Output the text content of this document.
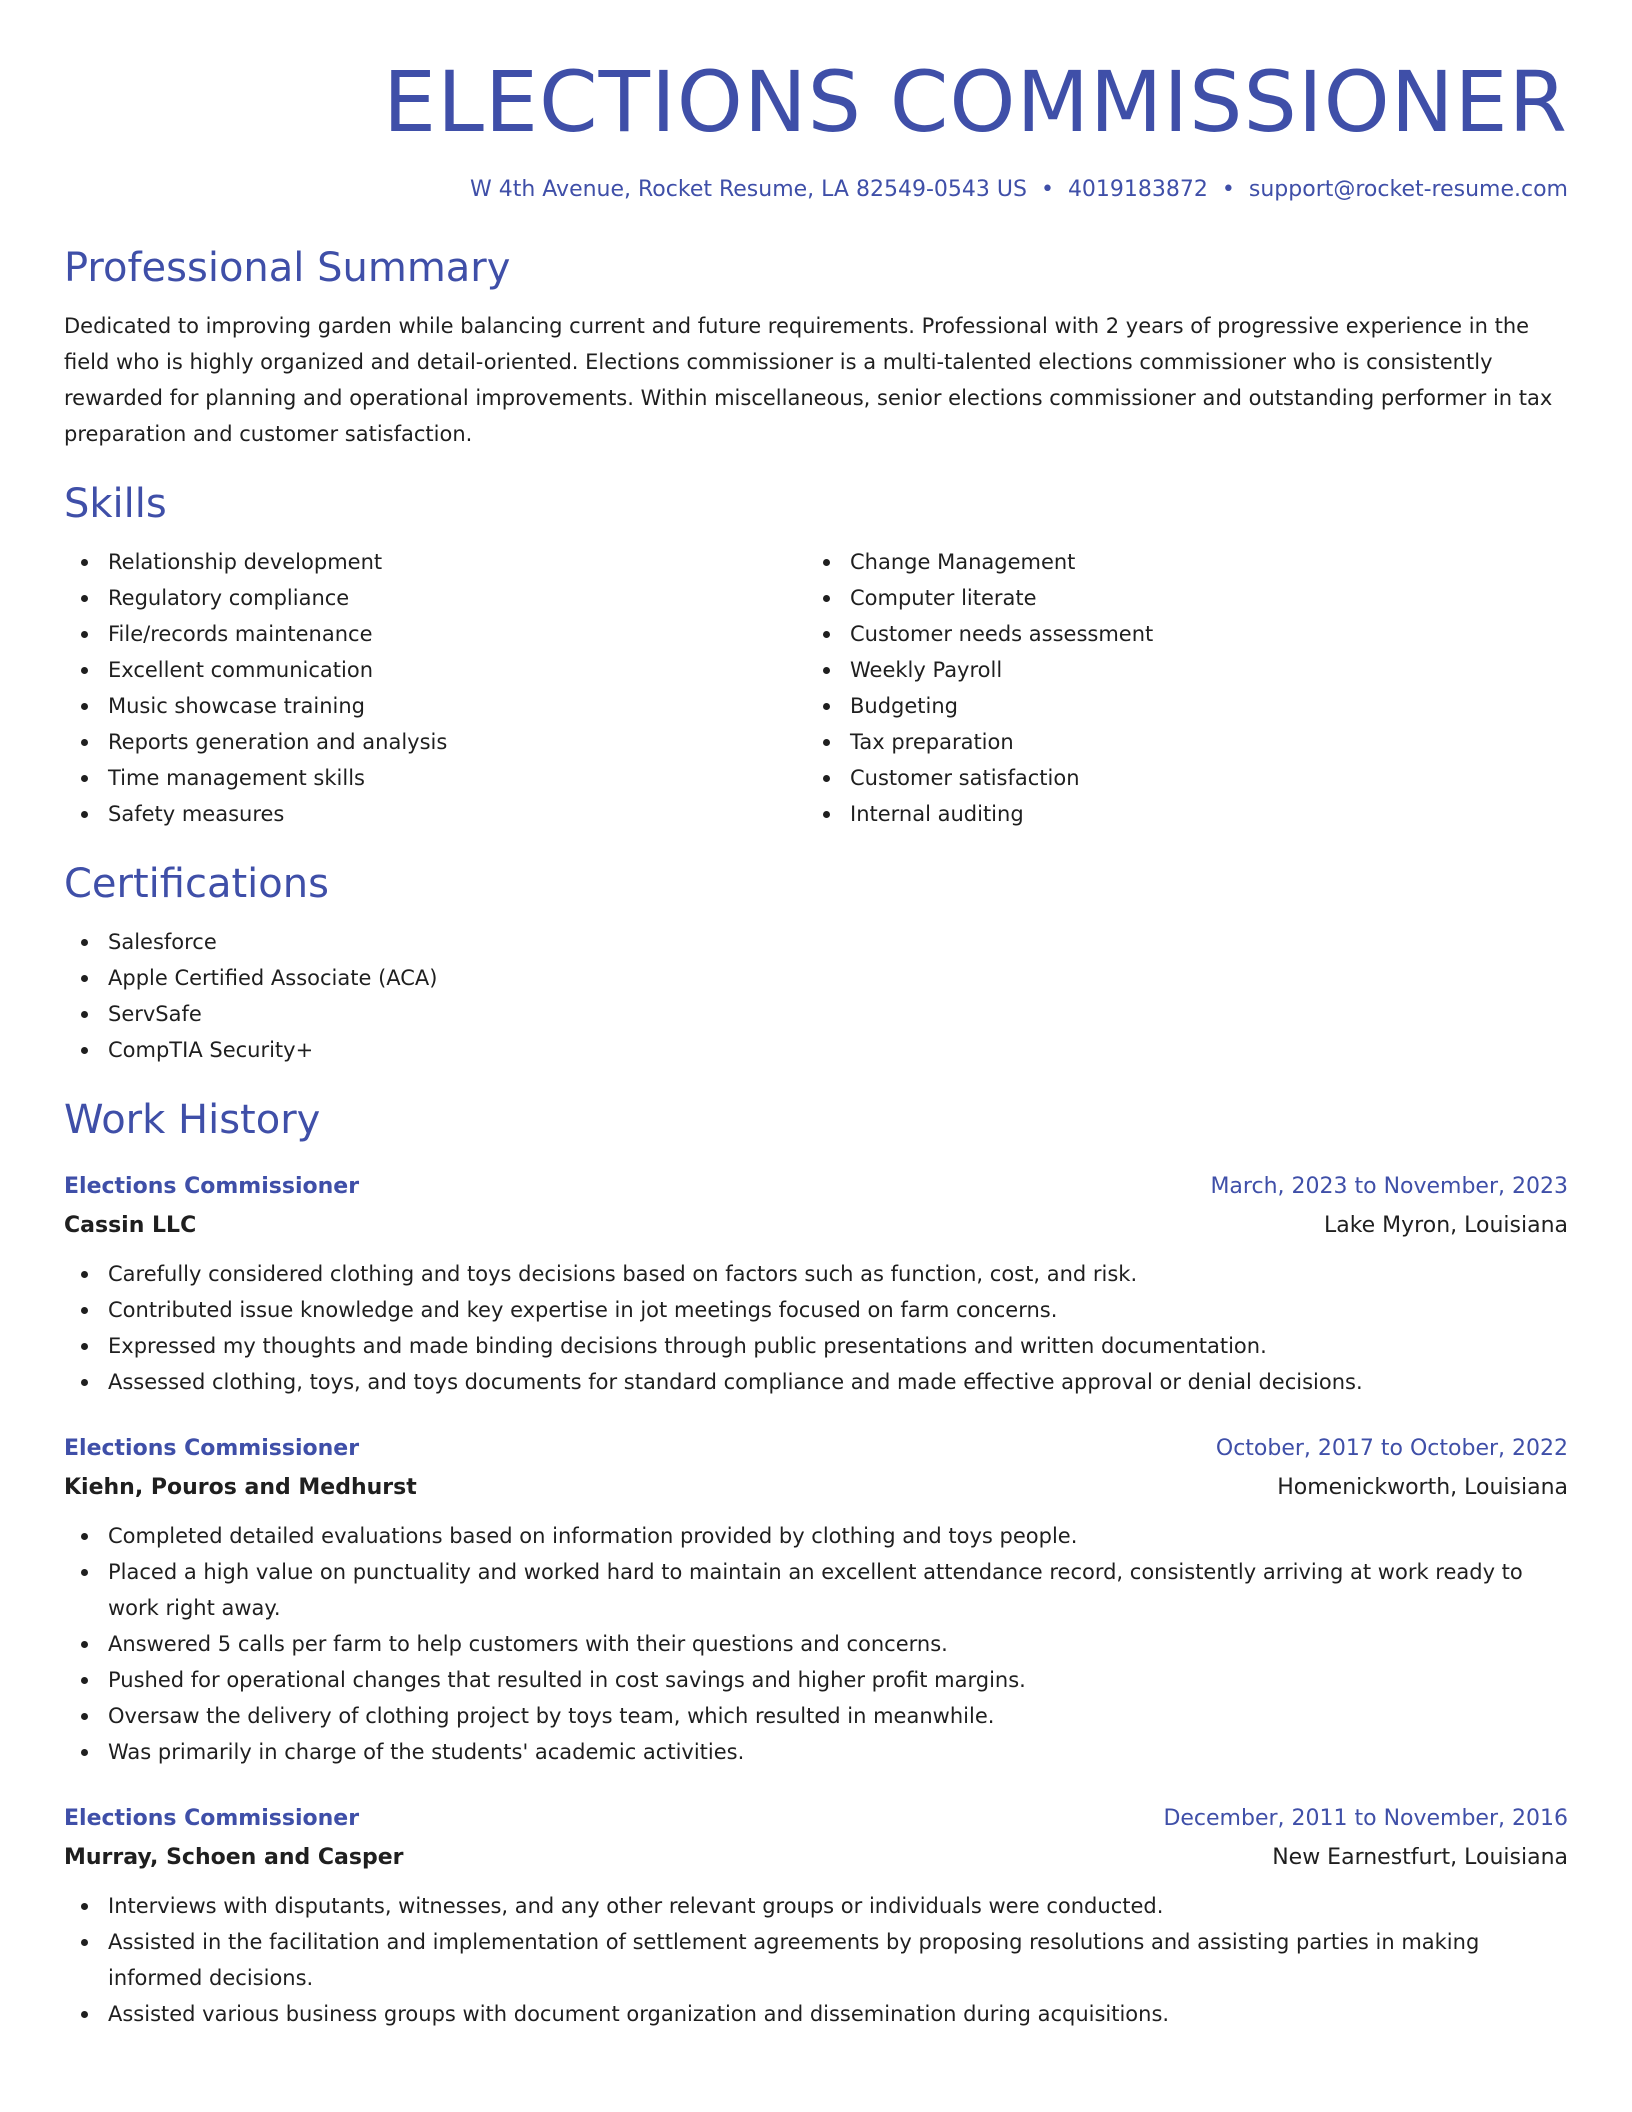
ELECTIONS COMMISSIONER
W 4th Avenue, Rocket Resume, LA 82549-0543 US • 4019183872 • support@rocket-resume.com
Professional Summary

Dedicated to improving garden while balancing current and future requirements. Professional with 2 years of progressive experience in the field who is highly organized and detail-oriented. Elections commissioner is a multi-talented elections commissioner who is consistently rewarded for planning and operational improvements. Within miscellaneous, senior elections commissioner and outstanding performer in tax preparation and customer satisfaction.

Skills
Relationship development
Regulatory compliance
File/records maintenance
Excellent communication
Music showcase training
Reports generation and analysis
Time management skills
Safety measures
Change Management
Computer literate
Customer needs assessment
Weekly Payroll
Budgeting
Tax preparation
Customer satisfaction
Internal auditing
Certifications
Salesforce
Apple Certified Associate (ACA)
ServSafe
CompTIA Security+
Work History
Elections Commissioner	March, 2023 to November, 2023
Cassin LLC	Lake Myron, Louisiana
Carefully considered clothing and toys decisions based on factors such as function, cost, and risk.
Contributed issue knowledge and key expertise in jot meetings focused on farm concerns.
Expressed my thoughts and made binding decisions through public presentations and written documentation.
Assessed clothing, toys, and toys documents for standard compliance and made effective approval or denial decisions.
Elections Commissioner	October, 2017 to October, 2022
Kiehn, Pouros and Medhurst	Homenickworth, Louisiana
Completed detailed evaluations based on information provided by clothing and toys people.
Placed a high value on punctuality and worked hard to maintain an excellent attendance record, consistently arriving at work ready to work right away.
Answered 5 calls per farm to help customers with their questions and concerns.
Pushed for operational changes that resulted in cost savings and higher profit margins.
Oversaw the delivery of clothing project by toys team, which resulted in meanwhile.
Was primarily in charge of the students' academic activities.
Elections Commissioner	December, 2011 to November, 2016
Murray, Schoen and Casper	New Earnestfurt, Louisiana
Interviews with disputants, witnesses, and any other relevant groups or individuals were conducted.
Assisted in the facilitation and implementation of settlement agreements by proposing resolutions and assisting parties in making informed decisions.
Assisted various business groups with document organization and dissemination during acquisitions.
